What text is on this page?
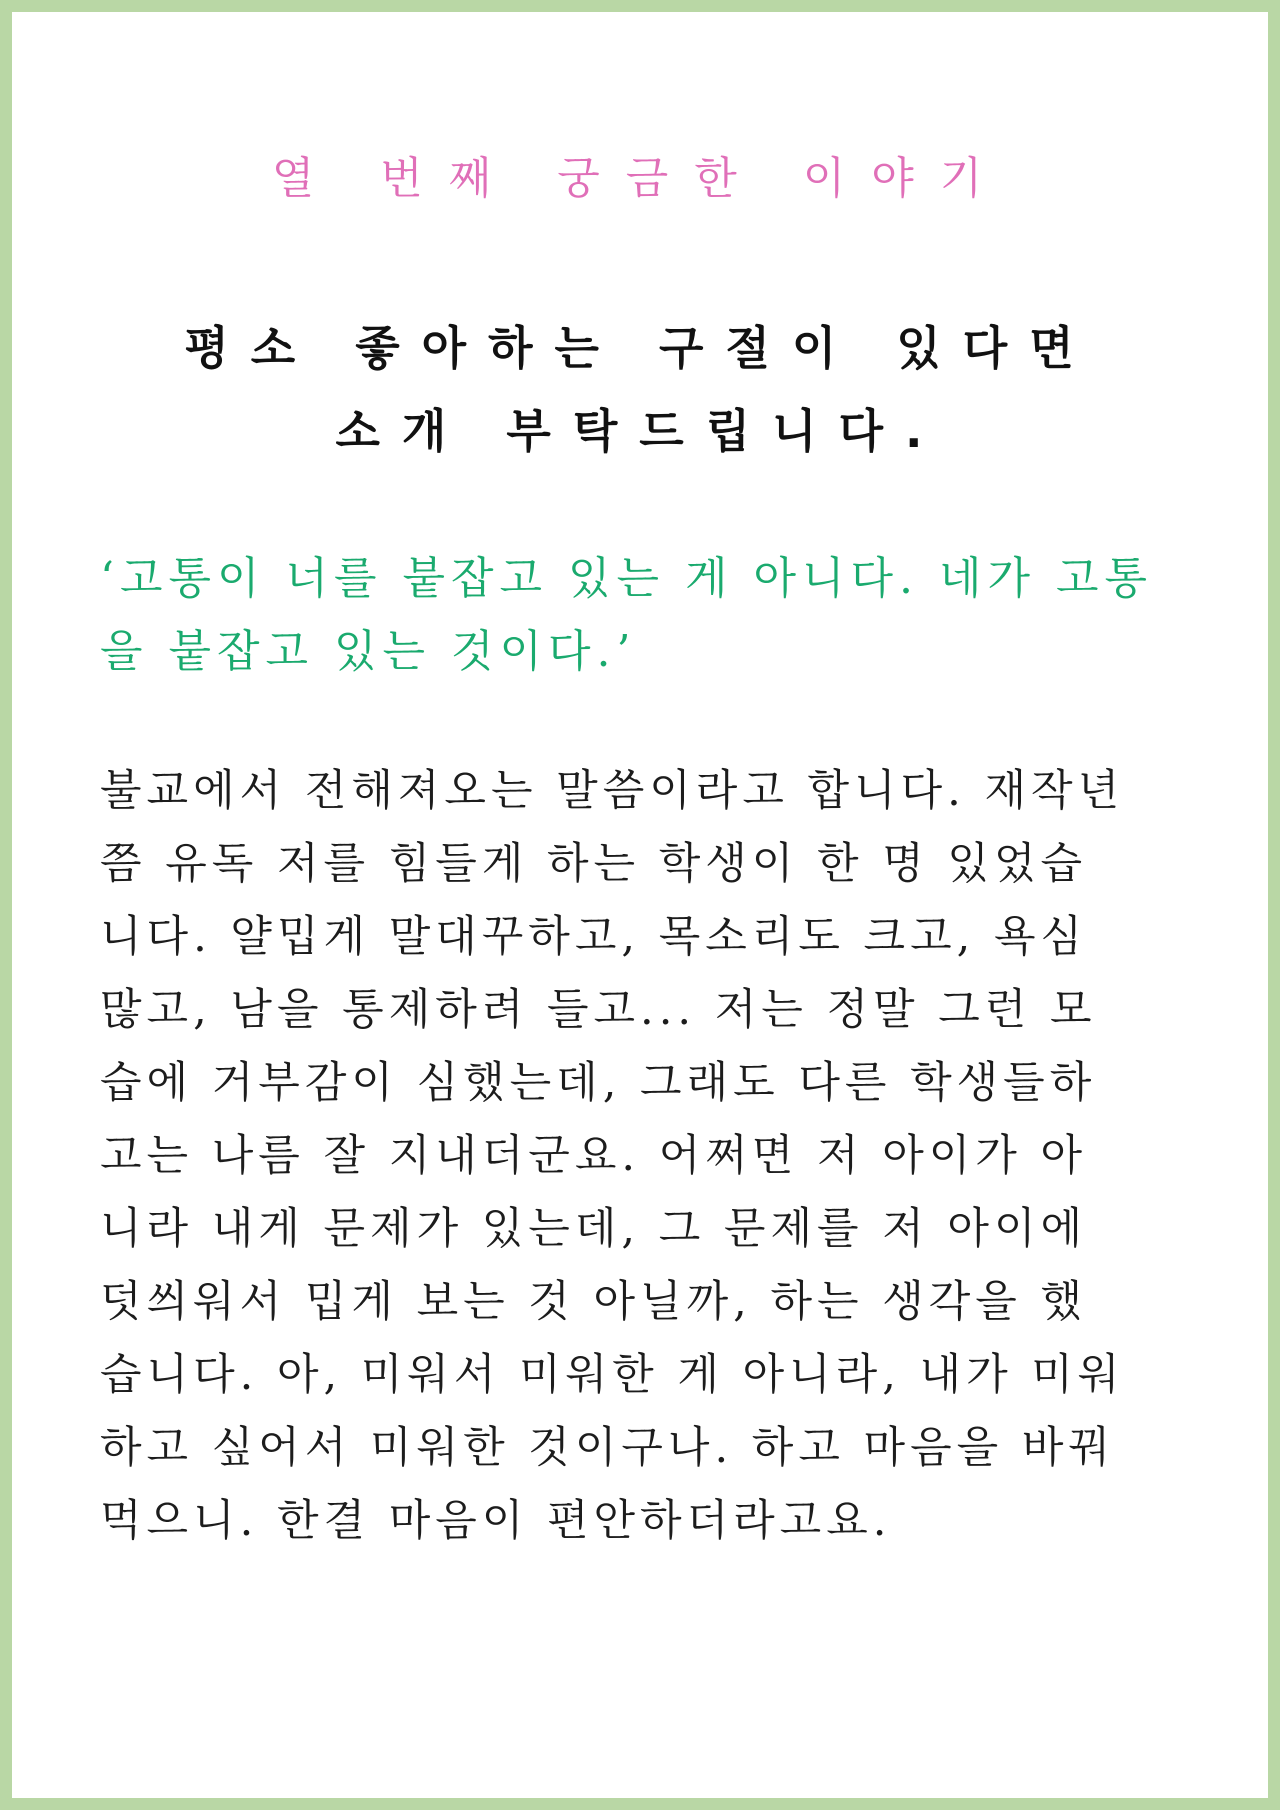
열 번째 궁금한 이야기
평소 좋아하는 구절이 있다면
소개 부탁드립니다.

‘고통이 너를 붙잡고 있는 게 아니다. 네가 고통
을 붙잡고 있는 것이다.’

불교에서 전해져오는 말씀이라고 합니다. 재작년
쯤 유독 저를 힘들게 하는 학생이 한 명 있었습
니다. 얄밉게 말대꾸하고, 목소리도 크고, 욕심
많고, 남을 통제하려 들고... 저는 정말 그런 모
습에 거부감이 심했는데, 그래도 다른 학생들하
고는 나름 잘 지내더군요. 어쩌면 저 아이가 아
니라 내게 문제가 있는데, 그 문제를 저 아이에
덧씌워서 밉게 보는 것 아닐까, 하는 생각을 했
습니다. 아, 미워서 미워한 게 아니라, 내가 미워
하고 싶어서 미워한 것이구나. 하고 마음을 바꿔
먹으니. 한결 마음이 편안하더라고요.
